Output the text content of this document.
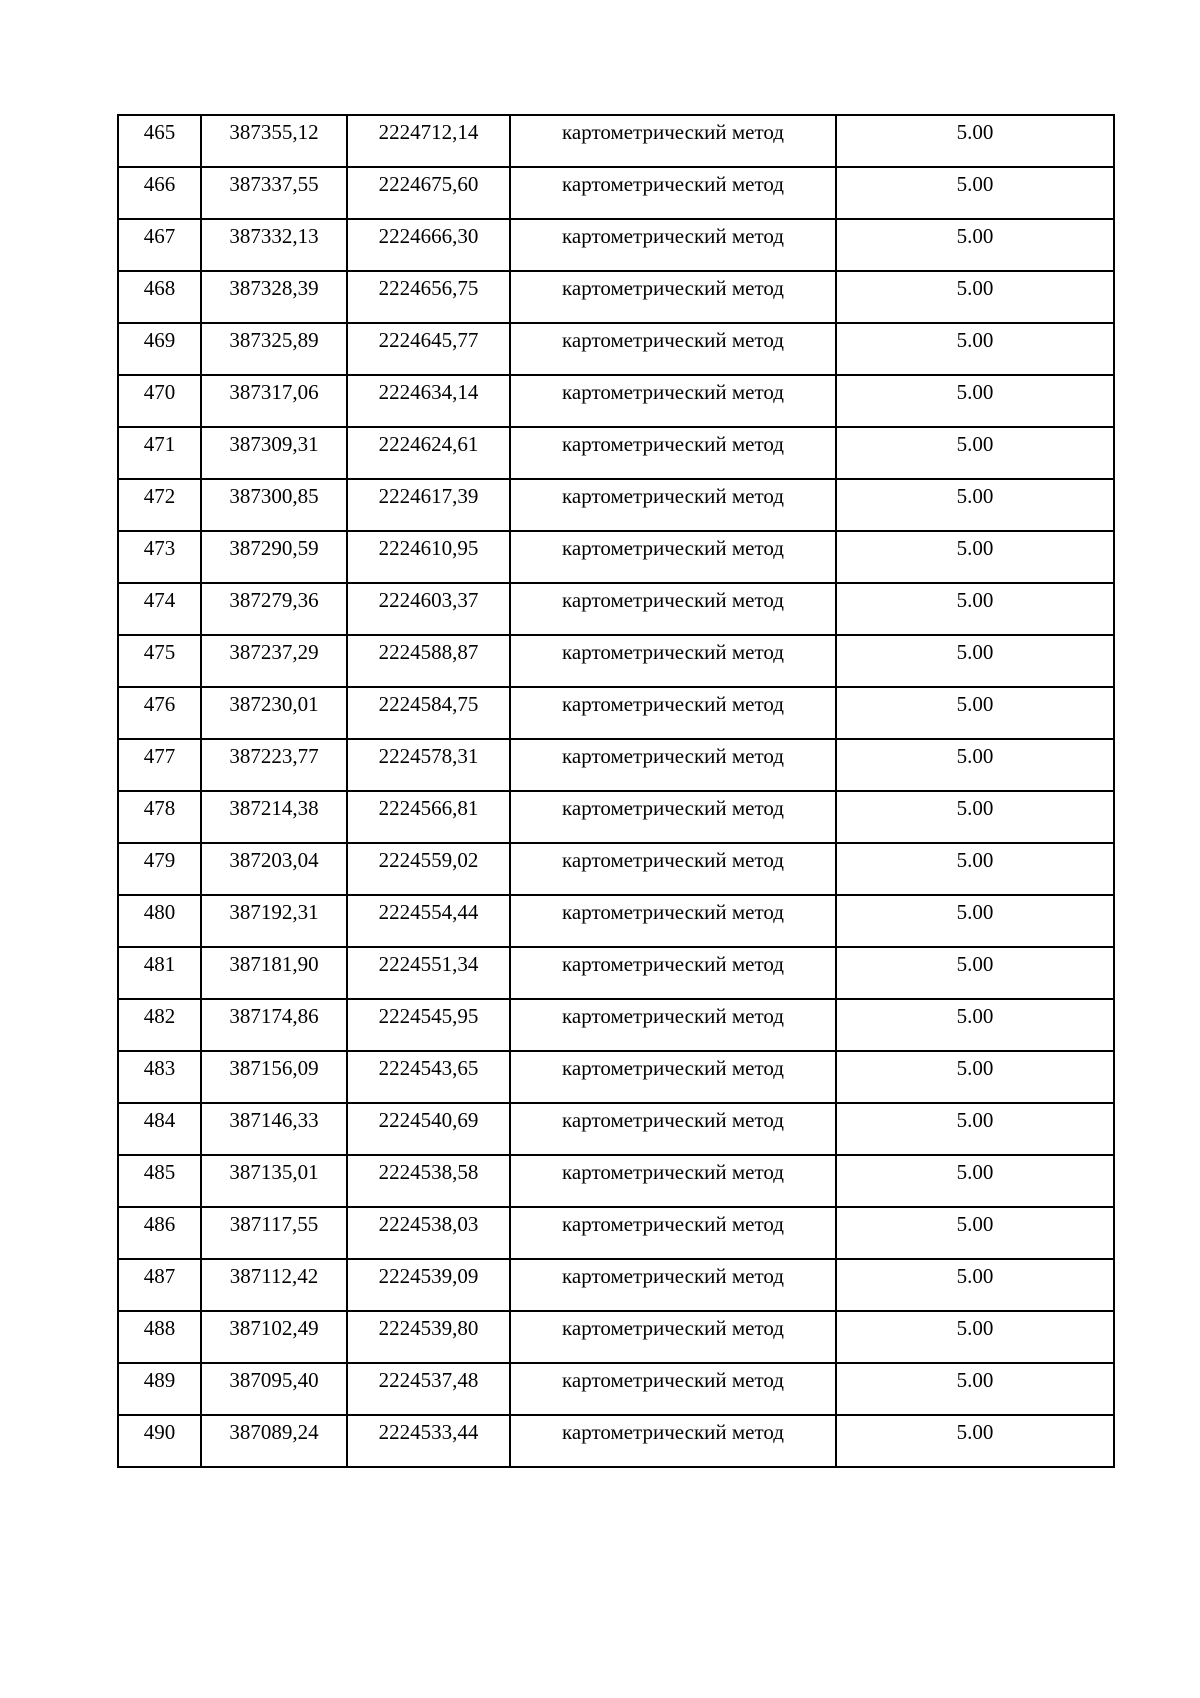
465	387355,12	2224712,14	картометрический метод	5.00

466	387337,55	2224675,60	картометрический метод	5.00

467	387332,13	2224666,30	картометрический метод	5.00

468	387328,39	2224656,75	картометрический метод	5.00

469	387325,89	2224645,77	картометрический метод	5.00

470	387317,06	2224634,14	картометрический метод	5.00

471	387309,31	2224624,61	картометрический метод	5.00

472	387300,85	2224617,39	картометрический метод	5.00

473	387290,59	2224610,95	картометрический метод	5.00

474	387279,36	2224603,37	картометрический метод	5.00

475	387237,29	2224588,87	картометрический метод	5.00

476	387230,01	2224584,75	картометрический метод	5.00

477	387223,77	2224578,31	картометрический метод	5.00

478	387214,38	2224566,81	картометрический метод	5.00

479	387203,04	2224559,02	картометрический метод	5.00

480	387192,31	2224554,44	картометрический метод	5.00

481	387181,90	2224551,34	картометрический метод	5.00

482	387174,86	2224545,95	картометрический метод	5.00

483	387156,09	2224543,65	картометрический метод	5.00

484	387146,33	2224540,69	картометрический метод	5.00

485	387135,01	2224538,58	картометрический метод	5.00

486	387117,55	2224538,03	картометрический метод	5.00

487	387112,42	2224539,09	картометрический метод	5.00

488	387102,49	2224539,80	картометрический метод	5.00

489	387095,40	2224537,48	картометрический метод	5.00

490	387089,24	2224533,44	картометрический метод	5.00
